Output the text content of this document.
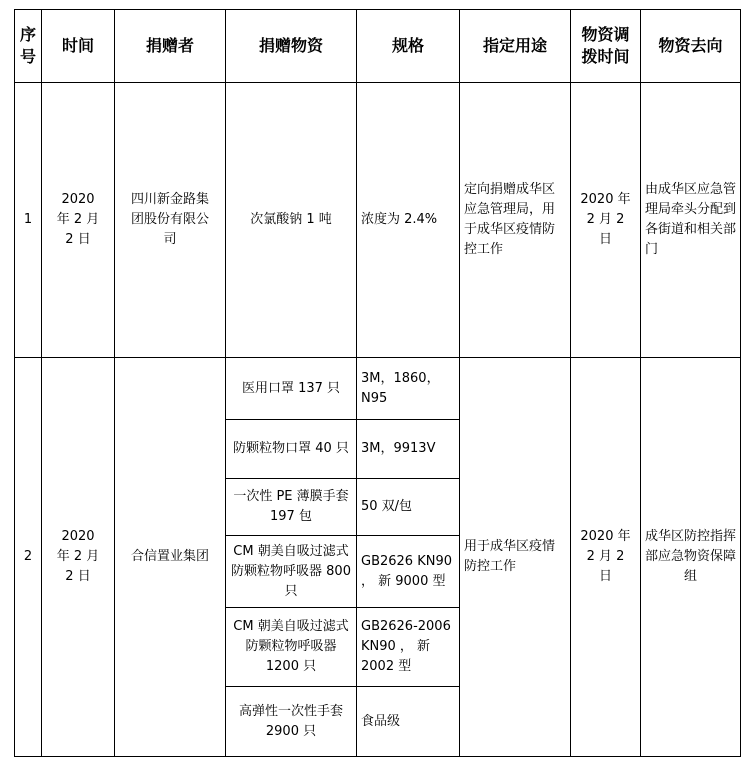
序号	时间	捐赠者	捐赠物资	规格	指定用途	物资调拨时间	物资去向
1	2020 年 2 月 2 日	四川新金路集团股份有限公司	次氯酸钠 1 吨	浓度为 2.4%	定向捐赠成华区应急管理局，用于成华区疫情防控工作	2020 年 2 月 2 日	由成华区应急管理局牵头分配到各街道和相关部门
2	2020 年 2 月 2 日	合信置业集团	医用口罩 137 只	3M，1860，N95	用于成华区疫情防控工作	2020 年 2 月 2 日	成华区防控指挥部应急物资保障组
			防颗粒物口罩 40 只	3M，9913V			
			一次性 PE 薄膜手套 197 包	50 双/包			
			CM 朝美自吸过滤式防颗粒物呼吸器 800 只	GB2626 KN90 ， 新 9000 型			
			CM 朝美自吸过滤式防颗粒物呼吸器 1200 只	GB2626-2006 KN90 ， 新 2002 型			
			高弹性一次性手套 2900 只	食品级			
